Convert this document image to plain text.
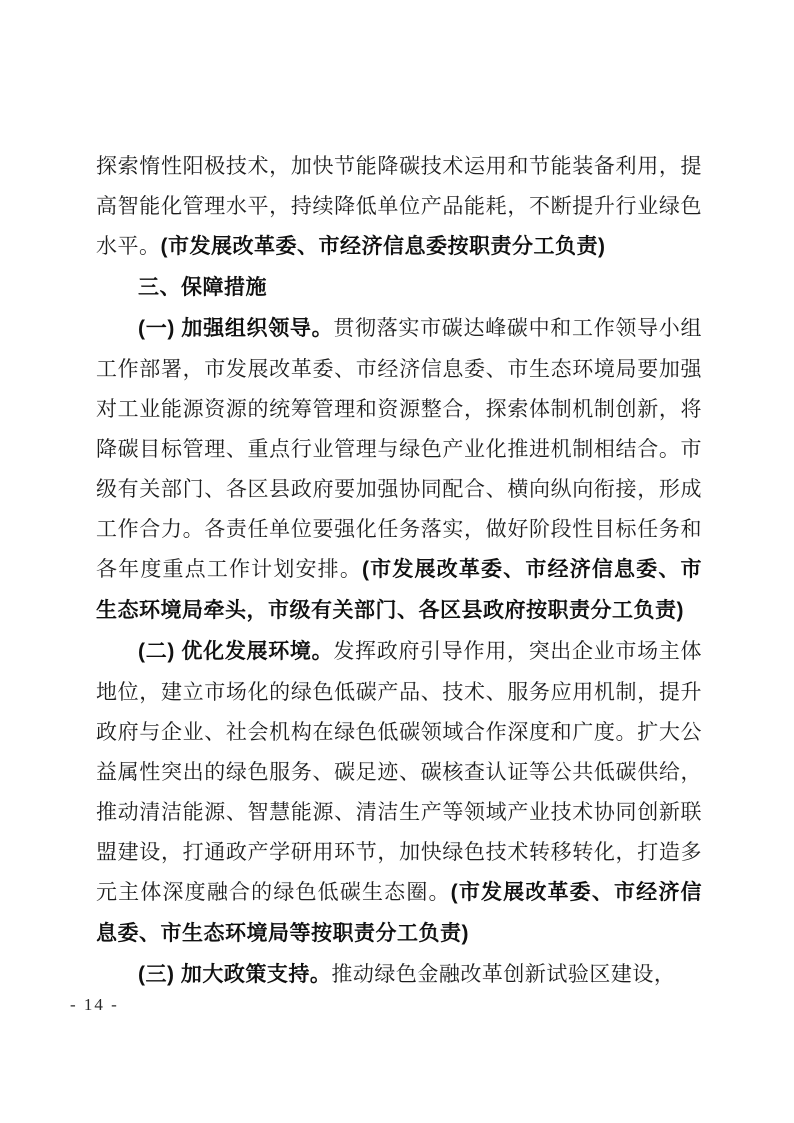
探索惰性阳极技术，加快节能降碳技术运用和节能装备利用，提高智能化管理水平，持续降低单位产品能耗，不断提升行业绿色水平。(市发展改革委、市经济信息委按职责分工负责)

三、保障措施

(一) 加强组织领导。贯彻落实市碳达峰碳中和工作领导小组工作部署，市发展改革委、市经济信息委、市生态环境局要加强对工业能源资源的统筹管理和资源整合，探索体制机制创新，将降碳目标管理、重点行业管理与绿色产业化推进机制相结合。市级有关部门、各区县政府要加强协同配合、横向纵向衔接，形成工作合力。各责任单位要强化任务落实，做好阶段性目标任务和各年度重点工作计划安排。(市发展改革委、市经济信息委、市生态环境局牵头，市级有关部门、各区县政府按职责分工负责)

(二) 优化发展环境。发挥政府引导作用，突出企业市场主体地位，建立市场化的绿色低碳产品、技术、服务应用机制，提升政府与企业、社会机构在绿色低碳领域合作深度和广度。扩大公益属性突出的绿色服务、碳足迹、碳核查认证等公共低碳供给，推动清洁能源、智慧能源、清洁生产等领域产业技术协同创新联盟建设，打通政产学研用环节，加快绿色技术转移转化，打造多元主体深度融合的绿色低碳生态圈。(市发展改革委、市经济信息委、市生态环境局等按职责分工负责)

(三) 加大政策支持。推动绿色金融改革创新试验区建设，

- 14 -
